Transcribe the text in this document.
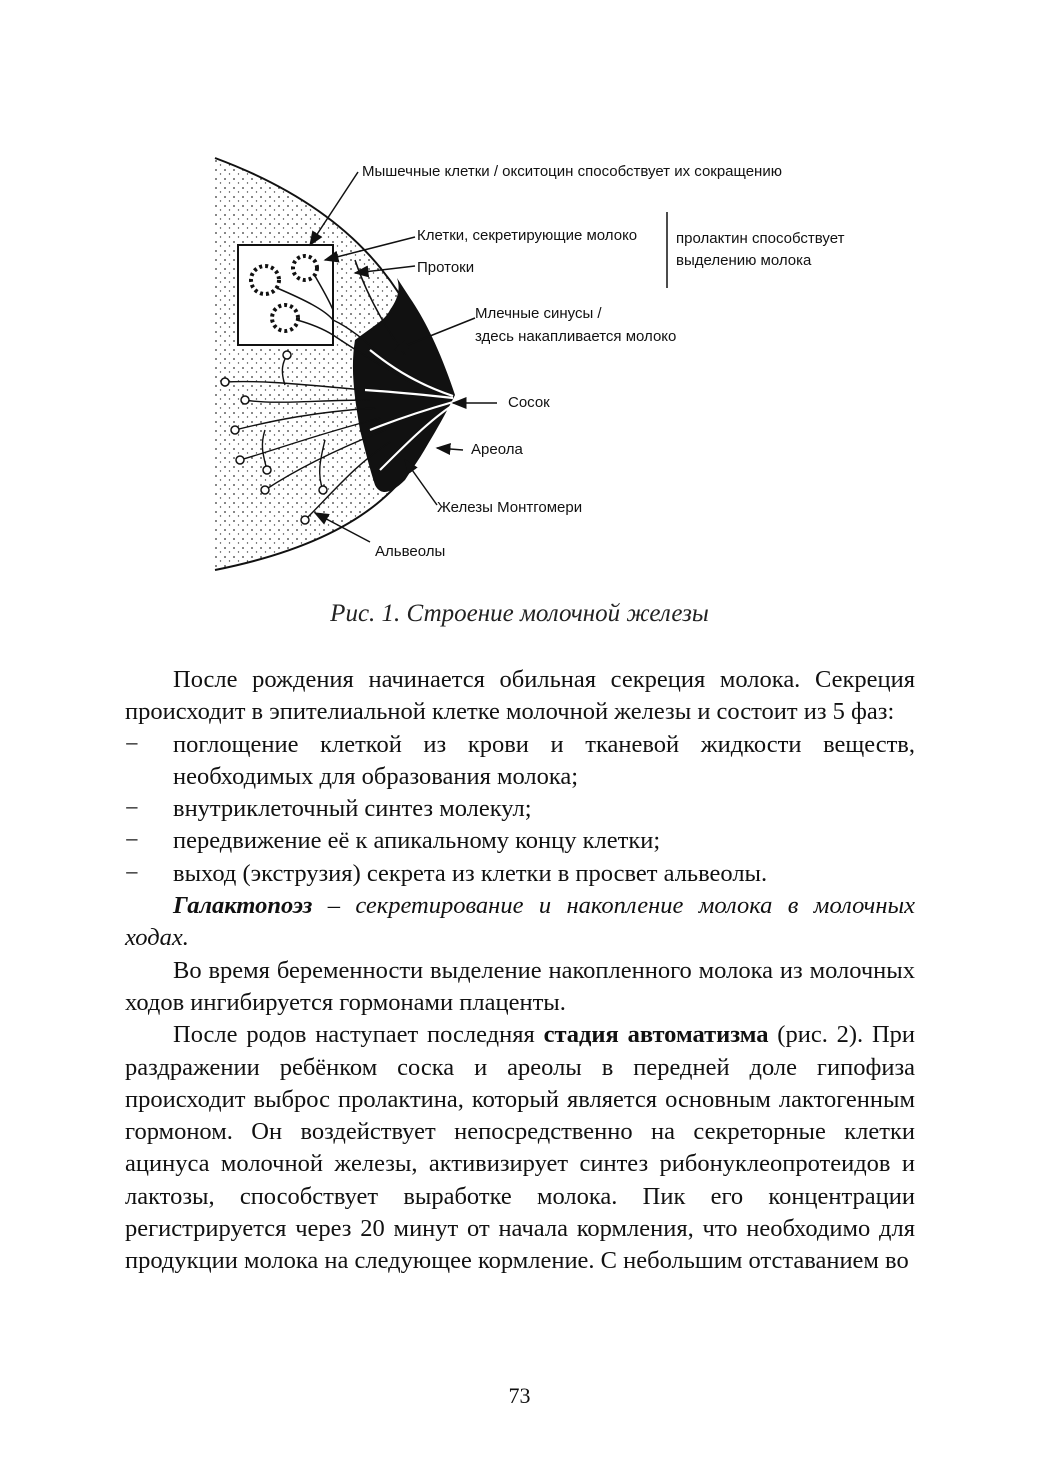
Мышечные клетки / окситоцин способствует их сокращению
Клетки, секретирующие молоко
Протоки
пролактин способствует
выделению молока
Млечные синусы /
здесь накапливается молоко
Сосок
Ареола
Железы Монтгомери
Альвеолы
Рис. 1. Строение молочной железы

После рождения начинается обильная секреция молока. Секреция происходит в эпителиальной клетке молочной железы и состоит из 5 фаз:

− поглощение клеткой из крови и тканевой жидкости веществ, необходимых для образования молока;
− внутриклеточный синтез молекул;
− передвижение её к апикальному концу клетки;
− выход (экструзия) секрета из клетки в просвет альвеолы.

Галактопоэз – секретирование и накопление молока в молочных ходах.

Во время беременности выделение накопленного молока из молочных ходов ингибируется гормонами плаценты.

После родов наступает последняя стадия автоматизма (рис. 2). При раздражении ребёнком соска и ареолы в передней доле гипофиза происходит выброс пролактина, который является основным лактогенным гормоном. Он воздействует непосредственно на секреторные клетки ацинуса молочной железы, активизирует синтез рибонуклеопротеидов и лактозы, способствует выработке молока. Пик его концентрации регистрируется через 20 минут от начала кормления, что необходимо для продукции молока на следующее кормление. С небольшим отставанием во

73
